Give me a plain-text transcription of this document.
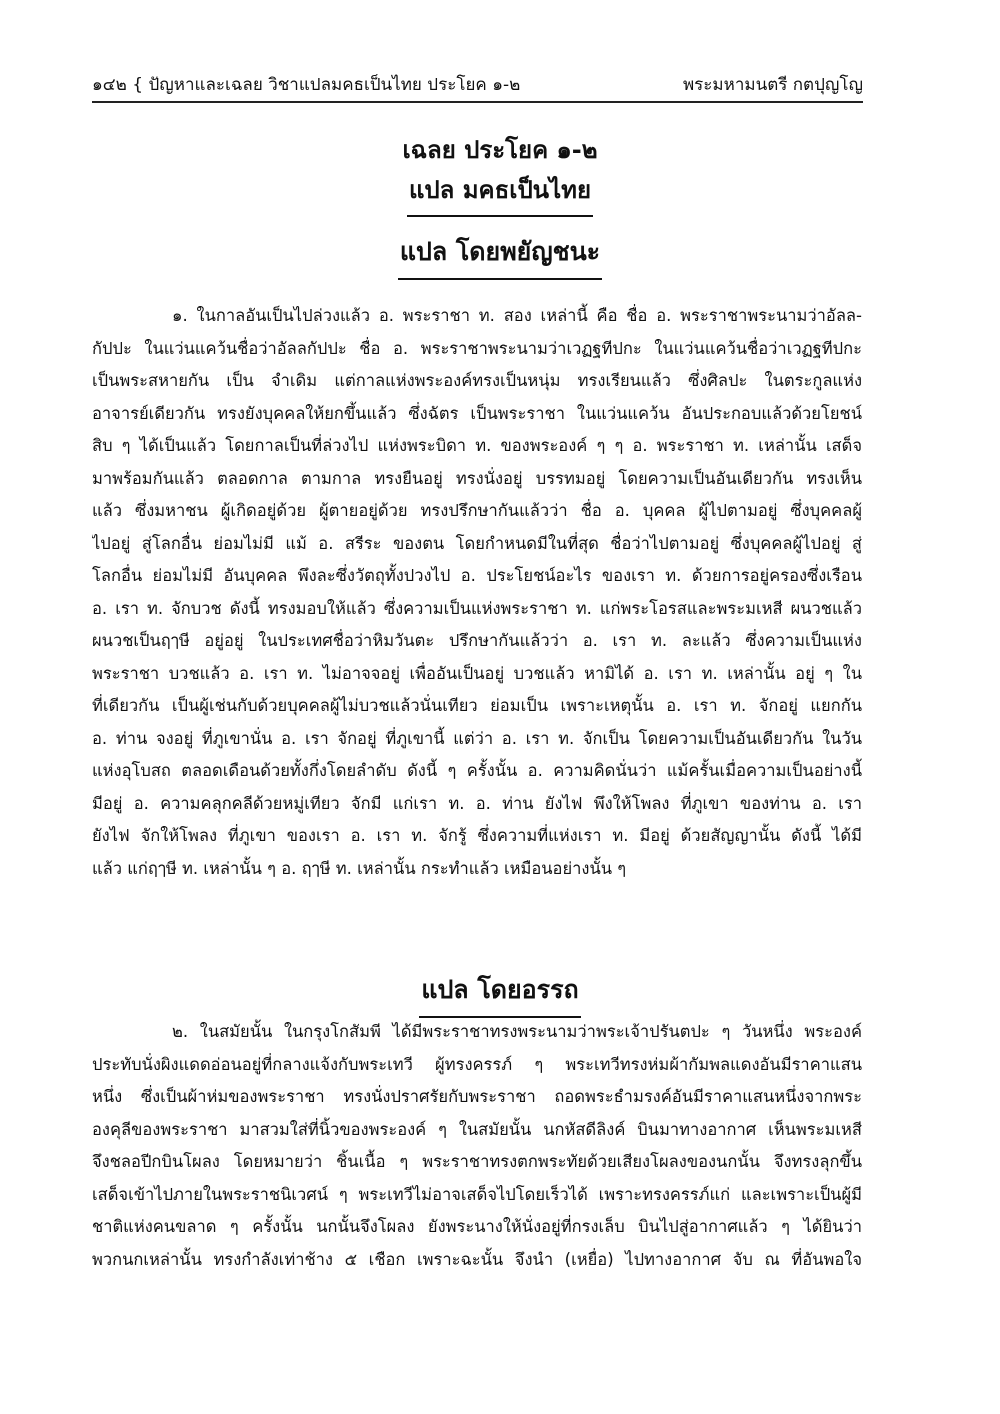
๑๔๒ { ปัญหาและเฉลย วิชาแปลมคธเป็นไทย ประโยค ๑-๒	พระมหามนตรี กตปุญโญ
เฉลย ประโยค ๑-๒
แปล มคธเป็นไทย
แปล โดยพยัญชนะ
๑. ในกาลอันเป็นไปล่วงแล้ว อ. พระราชา ท. สอง เหล่านี้ คือ ชื่อ อ. พระราชาพระนามว่าอัลล-
กัปปะ ในแว่นแคว้นชื่อว่าอัลลกัปปะ ชื่อ อ. พระราชาพระนามว่าเวฏฐทีปกะ ในแว่นแคว้นชื่อว่าเวฏฐทีปกะ
เป็นพระสหายกัน เป็น จำเดิม แต่กาลแห่งพระองค์ทรงเป็นหนุ่ม ทรงเรียนแล้ว ซึ่งศิลปะ ในตระกูลแห่ง
อาจารย์เดียวกัน ทรงยังบุคคลให้ยกขึ้นแล้ว ซึ่งฉัตร เป็นพระราชา ในแว่นแคว้น อันประกอบแล้วด้วยโยชน์
สิบ ๆ ได้เป็นแล้ว โดยกาลเป็นที่ล่วงไป แห่งพระบิดา ท. ของพระองค์ ๆ ๆ อ. พระราชา ท. เหล่านั้น เสด็จ
มาพร้อมกันแล้ว ตลอดกาล ตามกาล ทรงยืนอยู่ ทรงนั่งอยู่ บรรทมอยู่ โดยความเป็นอันเดียวกัน ทรงเห็น
แล้ว ซึ่งมหาชน ผู้เกิดอยู่ด้วย ผู้ตายอยู่ด้วย ทรงปรึกษากันแล้วว่า ชื่อ อ. บุคคล ผู้ไปตามอยู่ ซึ่งบุคคลผู้
ไปอยู่ สู่โลกอื่น ย่อมไม่มี แม้ อ. สรีระ ของตน โดยกำหนดมีในที่สุด ชื่อว่าไปตามอยู่ ซึ่งบุคคลผู้ไปอยู่ สู่
โลกอื่น ย่อมไม่มี อันบุคคล พึงละซึ่งวัตถุทั้งปวงไป อ. ประโยชน์อะไร ของเรา ท. ด้วยการอยู่ครองซึ่งเรือน
อ. เรา ท. จักบวช ดังนี้ ทรงมอบให้แล้ว ซึ่งความเป็นแห่งพระราชา ท. แก่พระโอรสและพระมเหสี ผนวชแล้ว
ผนวชเป็นฤๅษี อยู่อยู่ ในประเทศชื่อว่าหิมวันตะ ปรึกษากันแล้วว่า อ. เรา ท. ละแล้ว ซึ่งความเป็นแห่ง
พระราชา บวชแล้ว อ. เรา ท. ไม่อาจจอยู่ เพื่ออันเป็นอยู่ บวชแล้ว หามิได้ อ. เรา ท. เหล่านั้น อยู่ ๆ ใน
ที่เดียวกัน เป็นผู้เช่นกับด้วยบุคคลผู้ไม่บวชแล้วนั่นเทียว ย่อมเป็น เพราะเหตุนั้น อ. เรา ท. จักอยู่ แยกกัน
อ. ท่าน จงอยู่ ที่ภูเขานั่น อ. เรา จักอยู่ ที่ภูเขานี้ แต่ว่า อ. เรา ท. จักเป็น โดยความเป็นอันเดียวกัน ในวัน
แห่งอุโบสถ ตลอดเดือนด้วยทั้งกึ่งโดยลำดับ ดังนี้ ๆ ครั้งนั้น อ. ความคิดนั่นว่า แม้ครั้นเมื่อความเป็นอย่างนี้
มีอยู่ อ. ความคลุกคลีด้วยหมู่เทียว จักมี แก่เรา ท. อ. ท่าน ยังไฟ พึงให้โพลง ที่ภูเขา ของท่าน อ. เรา
ยังไฟ จักให้โพลง ที่ภูเขา ของเรา อ. เรา ท. จักรู้ ซึ่งความที่แห่งเรา ท. มีอยู่ ด้วยสัญญานั้น ดังนี้ ได้มี
แล้ว แก่ฤๅษี ท. เหล่านั้น ๆ อ. ฤๅษี ท. เหล่านั้น กระทำแล้ว เหมือนอย่างนั้น ๆ
แปล โดยอรรถ
๒. ในสมัยนั้น ในกรุงโกสัมพี ได้มีพระราชาทรงพระนามว่าพระเจ้าปรันตปะ ๆ วันหนึ่ง พระองค์
ประทับนั่งผิงแดดอ่อนอยู่ที่กลางแจ้งกับพระเทวี ผู้ทรงครรภ์ ๆ พระเทวีทรงห่มผ้ากัมพลแดงอันมีราคาแสน
หนึ่ง ซึ่งเป็นผ้าห่มของพระราชา ทรงนั่งปราศรัยกับพระราชา ถอดพระธำมรงค์อันมีราคาแสนหนึ่งจากพระ
องคุลีของพระราชา มาสวมใส่ที่นิ้วของพระองค์ ๆ ในสมัยนั้น นกหัสดีลิงค์ บินมาทางอากาศ เห็นพระมเหสี
จึงชลอปีกบินโผลง โดยหมายว่า ชิ้นเนื้อ ๆ พระราชาทรงตกพระทัยด้วยเสียงโผลงของนกนั้น จึงทรงลุกขึ้น
เสด็จเข้าไปภายในพระราชนิเวศน์ ๆ พระเทวีไม่อาจเสด็จไปโดยเร็วได้ เพราะทรงครรภ์แก่ และเพราะเป็นผู้มี
ชาติแห่งคนขลาด ๆ ครั้งนั้น นกนั้นจึงโผลง ยังพระนางให้นั่งอยู่ที่กรงเล็บ บินไปสู่อากาศแล้ว ๆ ได้ยินว่า
พวกนกเหล่านั้น ทรงกำลังเท่าช้าง ๕ เชือก เพราะฉะนั้น จึงนำ (เหยื่อ) ไปทางอากาศ จับ ณ ที่อันพอใจ
